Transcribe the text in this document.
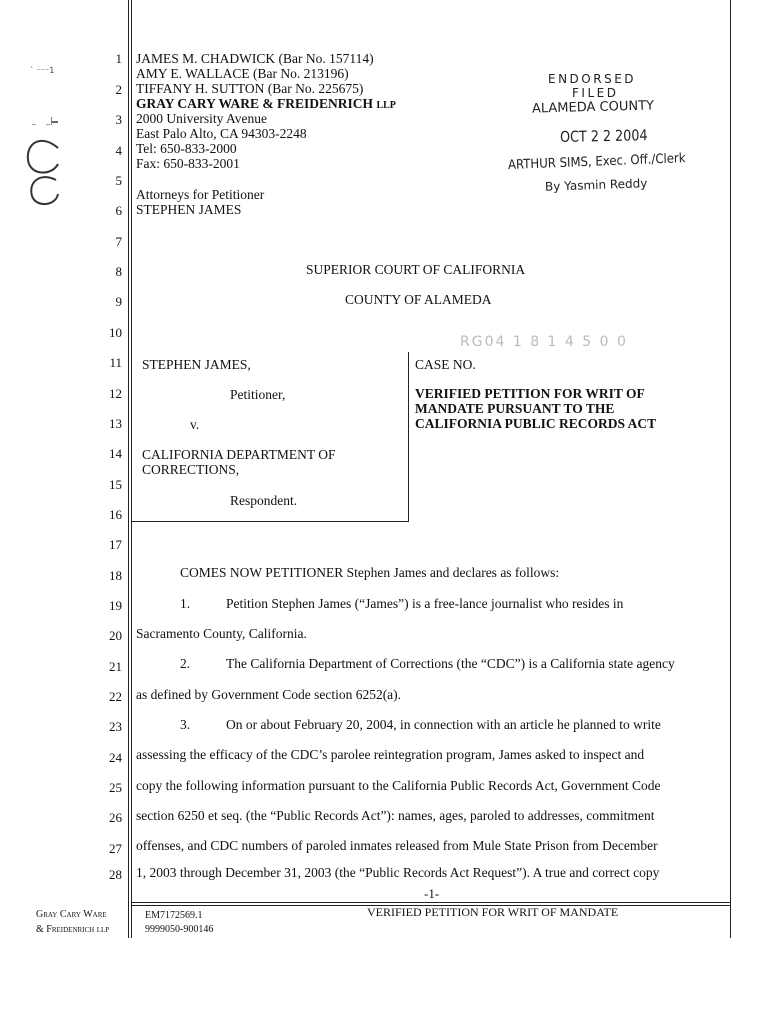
` ⁻⁻⁻1
_    _|
1
2
3
4
5
6
7
8
9
10
11
12
13
14
15
16
17
18
19
20
21
22
23
24
25
26
27
28
JAMES M. CHADWICK (Bar No. 157114)
AMY E. WALLACE (Bar No. 213196)
TIFFANY H. SUTTON (Bar No. 225675)
GRAY CARY WARE & FREIDENRICH LLP
2000 University Avenue
East Palo Alto, CA 94303-2248
Tel: 650-833-2000
Fax: 650-833-2001
Attorneys for Petitioner
STEPHEN JAMES
ENDORSED
FILED
ALAMEDA COUNTY
OCT 2 2 2004
ARTHUR SIMS, Exec. Off./Clerk
By Yasmin Reddy
SUPERIOR COURT OF CALIFORNIA
COUNTY OF ALAMEDA
RG04 1 8 1 4 5 0 0
STEPHEN JAMES,
Petitioner,
v.
CALIFORNIA DEPARTMENT OF
CORRECTIONS,
Respondent.
CASE NO.
VERIFIED PETITION FOR WRIT OF
MANDATE PURSUANT TO THE
CALIFORNIA PUBLIC RECORDS ACT
COMES NOW PETITIONER Stephen James and declares as follows:
1.	Petition Stephen James (“James”) is a free-lance journalist who resides in
Sacramento County, California.
2.	The California Department of Corrections (the “CDC”) is a California state agency
as defined by Government Code section 6252(a).
3.	On or about February 20, 2004, in connection with an article he planned to write
assessing the efficacy of the CDC’s parolee reintegration program, James asked to inspect and
copy the following information pursuant to the California Public Records Act, Government Code
section 6250 et seq. (the “Public Records Act”): names, ages, paroled to addresses, commitment
offenses, and CDC numbers of paroled inmates released from Mule State Prison from December
1, 2003 through December 31, 2003 (the “Public Records Act Request”). A true and correct copy
-1-
Gray Cary Ware
& Freidenrich LLP
EM7172569.1
9999050-900146
VERIFIED PETITION FOR WRIT OF MANDATE
